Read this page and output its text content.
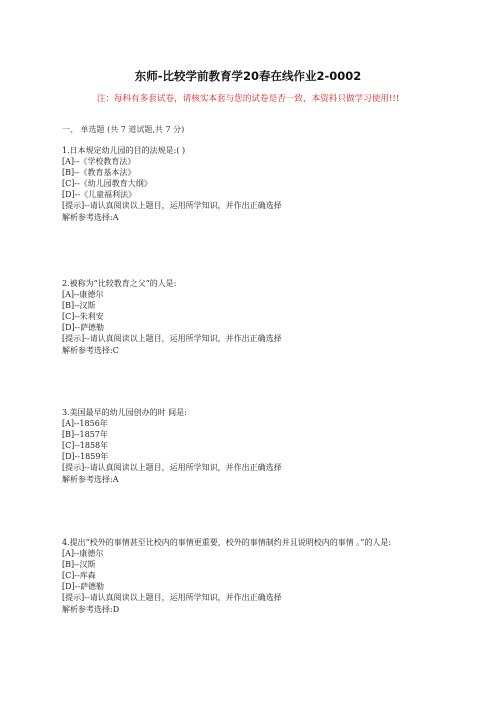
东师-比较学前教育学20春在线作业2-0002
注：每科有多套试卷，请核实本套与您的试卷是否一致，本资料只做学习使用!!!
一、 单选题 (共 7 道试题,共 7 分)
1.日本规定幼儿园的目的法规是:( )
[A]--《学校教育法》
[B]--《教育基本法》
[C]--《幼儿园教育大纲》
[D]--《儿童福利法》
[提示]--请认真阅读以上题目，运用所学知识，并作出正确选择
解析参考选择:A
2.被称为“比较教育之父”的人是:
[A]--康德尔
[B]--汉斯
[C]--朱利安
[D]--萨德勒
[提示]--请认真阅读以上题目，运用所学知识，并作出正确选择
解析参考选择:C
3.美国最早的幼儿园创办的时 间是:
[A]--1856年
[B]--1857年
[C]--1858年
[D]--1859年
[提示]--请认真阅读以上题目，运用所学知识，并作出正确选择
解析参考选择:A
4.提出“校外的事情甚至比校内的事情更重要，校外的事情制约并且说明校内的事情 。”的人是:
[A]--康德尔
[B]--汉斯
[C]--库森
[D]--萨德勒
[提示]--请认真阅读以上题目，运用所学知识，并作出正确选择
解析参考选择:D
